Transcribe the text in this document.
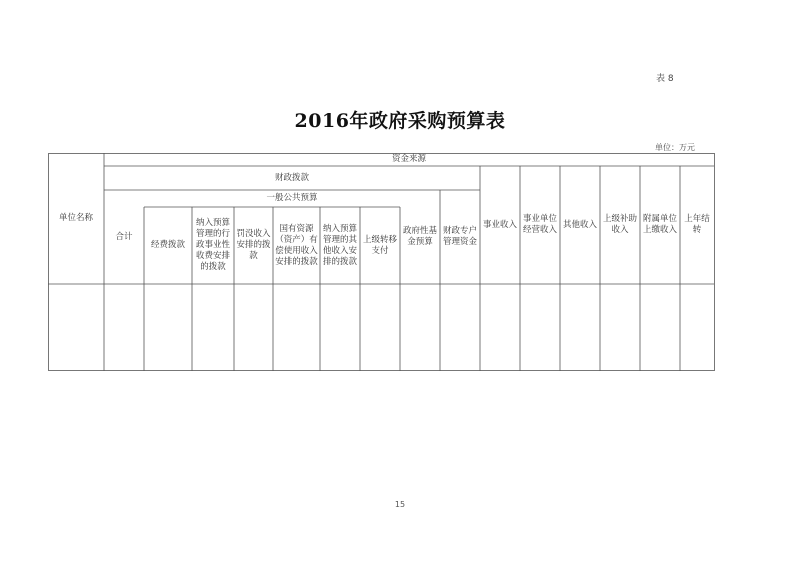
表 8
2016年政府采购预算表
单位：万元
单位名称
资金来源
财政拨款
一般公共预算
合计
经费拨款
纳入预算管理的行政事业性收费安排的拨款
罚没收入安排的拨款
国有资源（资产）有偿使用收入安排的拨款
纳入预算管理的其他收入安排的拨款
上级转移支付
政府性基金预算
财政专户管理资金
事业收入
事业单位经营收入
其他收入
上级补助收入
附属单位上缴收入
上年结转
15
